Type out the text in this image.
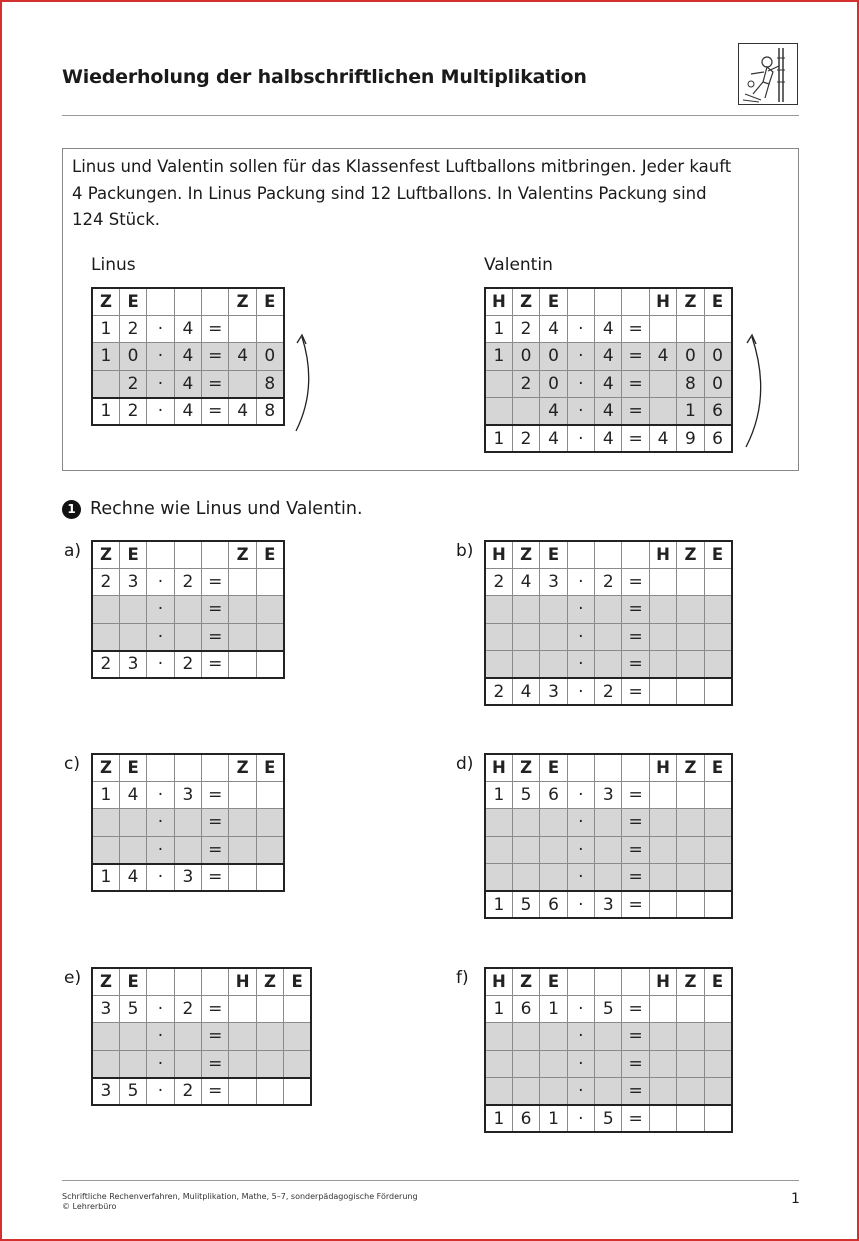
Wiederholung der halbschriftlichen Multiplikation
Linus und Valentin sollen für das Klassenfest Luftballons mitbringen. Jeder kauft
4 Packungen. In Linus Packung sind 12 Luftballons. In Valentins Packung sind
124 Stück.
Linus	Valentin
Z	E				Z	E
1	2	·	4	=		
1	0	·	4	=	4	0
	2	·	4	=		8
1	2	·	4	=	4	8
H	Z	E				H	Z	E
1	2	4	·	4	=			
1	0	0	·	4	=	4	0	0
	2	0	·	4	=		8	0
		4	·	4	=		1	6
1	2	4	·	4	=	4	9	6
1 Rechne wie Linus und Valentin.
a)	b)
c)	d)
e)	f)
Z	E				Z	E
2	3	·	2	=		
		·		=		
		·		=		
2	3	·	2	=		
H	Z	E				H	Z	E
2	4	3	·	2	=			
			·		=			
			·		=			
			·		=			
2	4	3	·	2	=			
Z	E				Z	E
1	4	·	3	=		
		·		=		
		·		=		
1	4	·	3	=		
H	Z	E				H	Z	E
1	5	6	·	3	=			
			·		=			
			·		=			
			·		=			
1	5	6	·	3	=			
Z	E				H	Z	E
3	5	·	2	=			
		·		=			
		·		=			
3	5	·	2	=			
H	Z	E				H	Z	E
1	6	1	·	5	=			
			·		=			
			·		=			
			·		=			
1	6	1	·	5	=			
Schriftliche Rechenverfahren, Mulitplikation, Mathe, 5–7, sonderpädagogische Förderung
© Lehrerbüro	1
